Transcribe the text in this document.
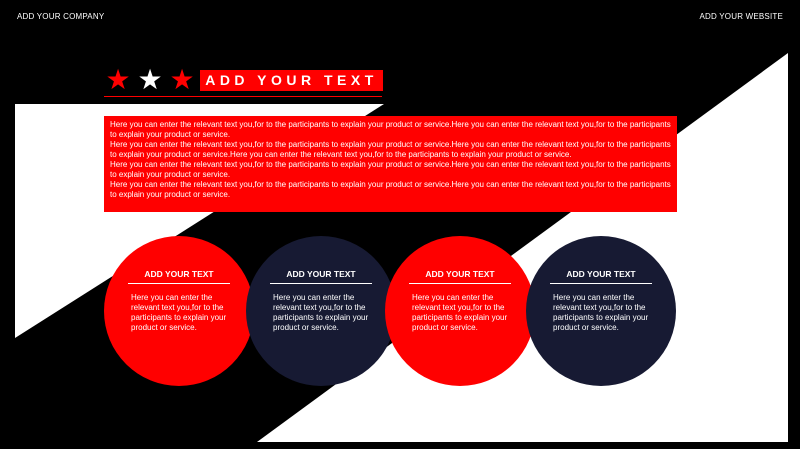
ADD YOUR COMPANY	ADD YOUR WEBSITE
★ ★ ★ ADD YOUR TEXT

Here you can enter the relevant text you,for to the participants to explain your product or service.Here you can enter the relevant text you,for to the participants to explain your product or service.

Here you can enter the relevant text you,for to the participants to explain your product or service.Here you can enter the relevant text you,for to the participants to explain your product or service.Here you can enter the relevant text you,for to the participants to explain your product or service.

Here you can enter the relevant text you,for to the participants to explain your product or service.Here you can enter the relevant text you,for to the participants to explain your product or service.

Here you can enter the relevant text you,for to the participants to explain your product or service.Here you can enter the relevant text you,for to the participants to explain your product or service.

ADD YOUR TEXT
Here you can enter the relevant text you,for to the participants to explain your product or service.
ADD YOUR TEXT
Here you can enter the relevant text you,for to the participants to explain your product or service.
ADD YOUR TEXT
Here you can enter the relevant text you,for to the participants to explain your product or service.
ADD YOUR TEXT
Here you can enter the relevant text you,for to the participants to explain your product or service.
